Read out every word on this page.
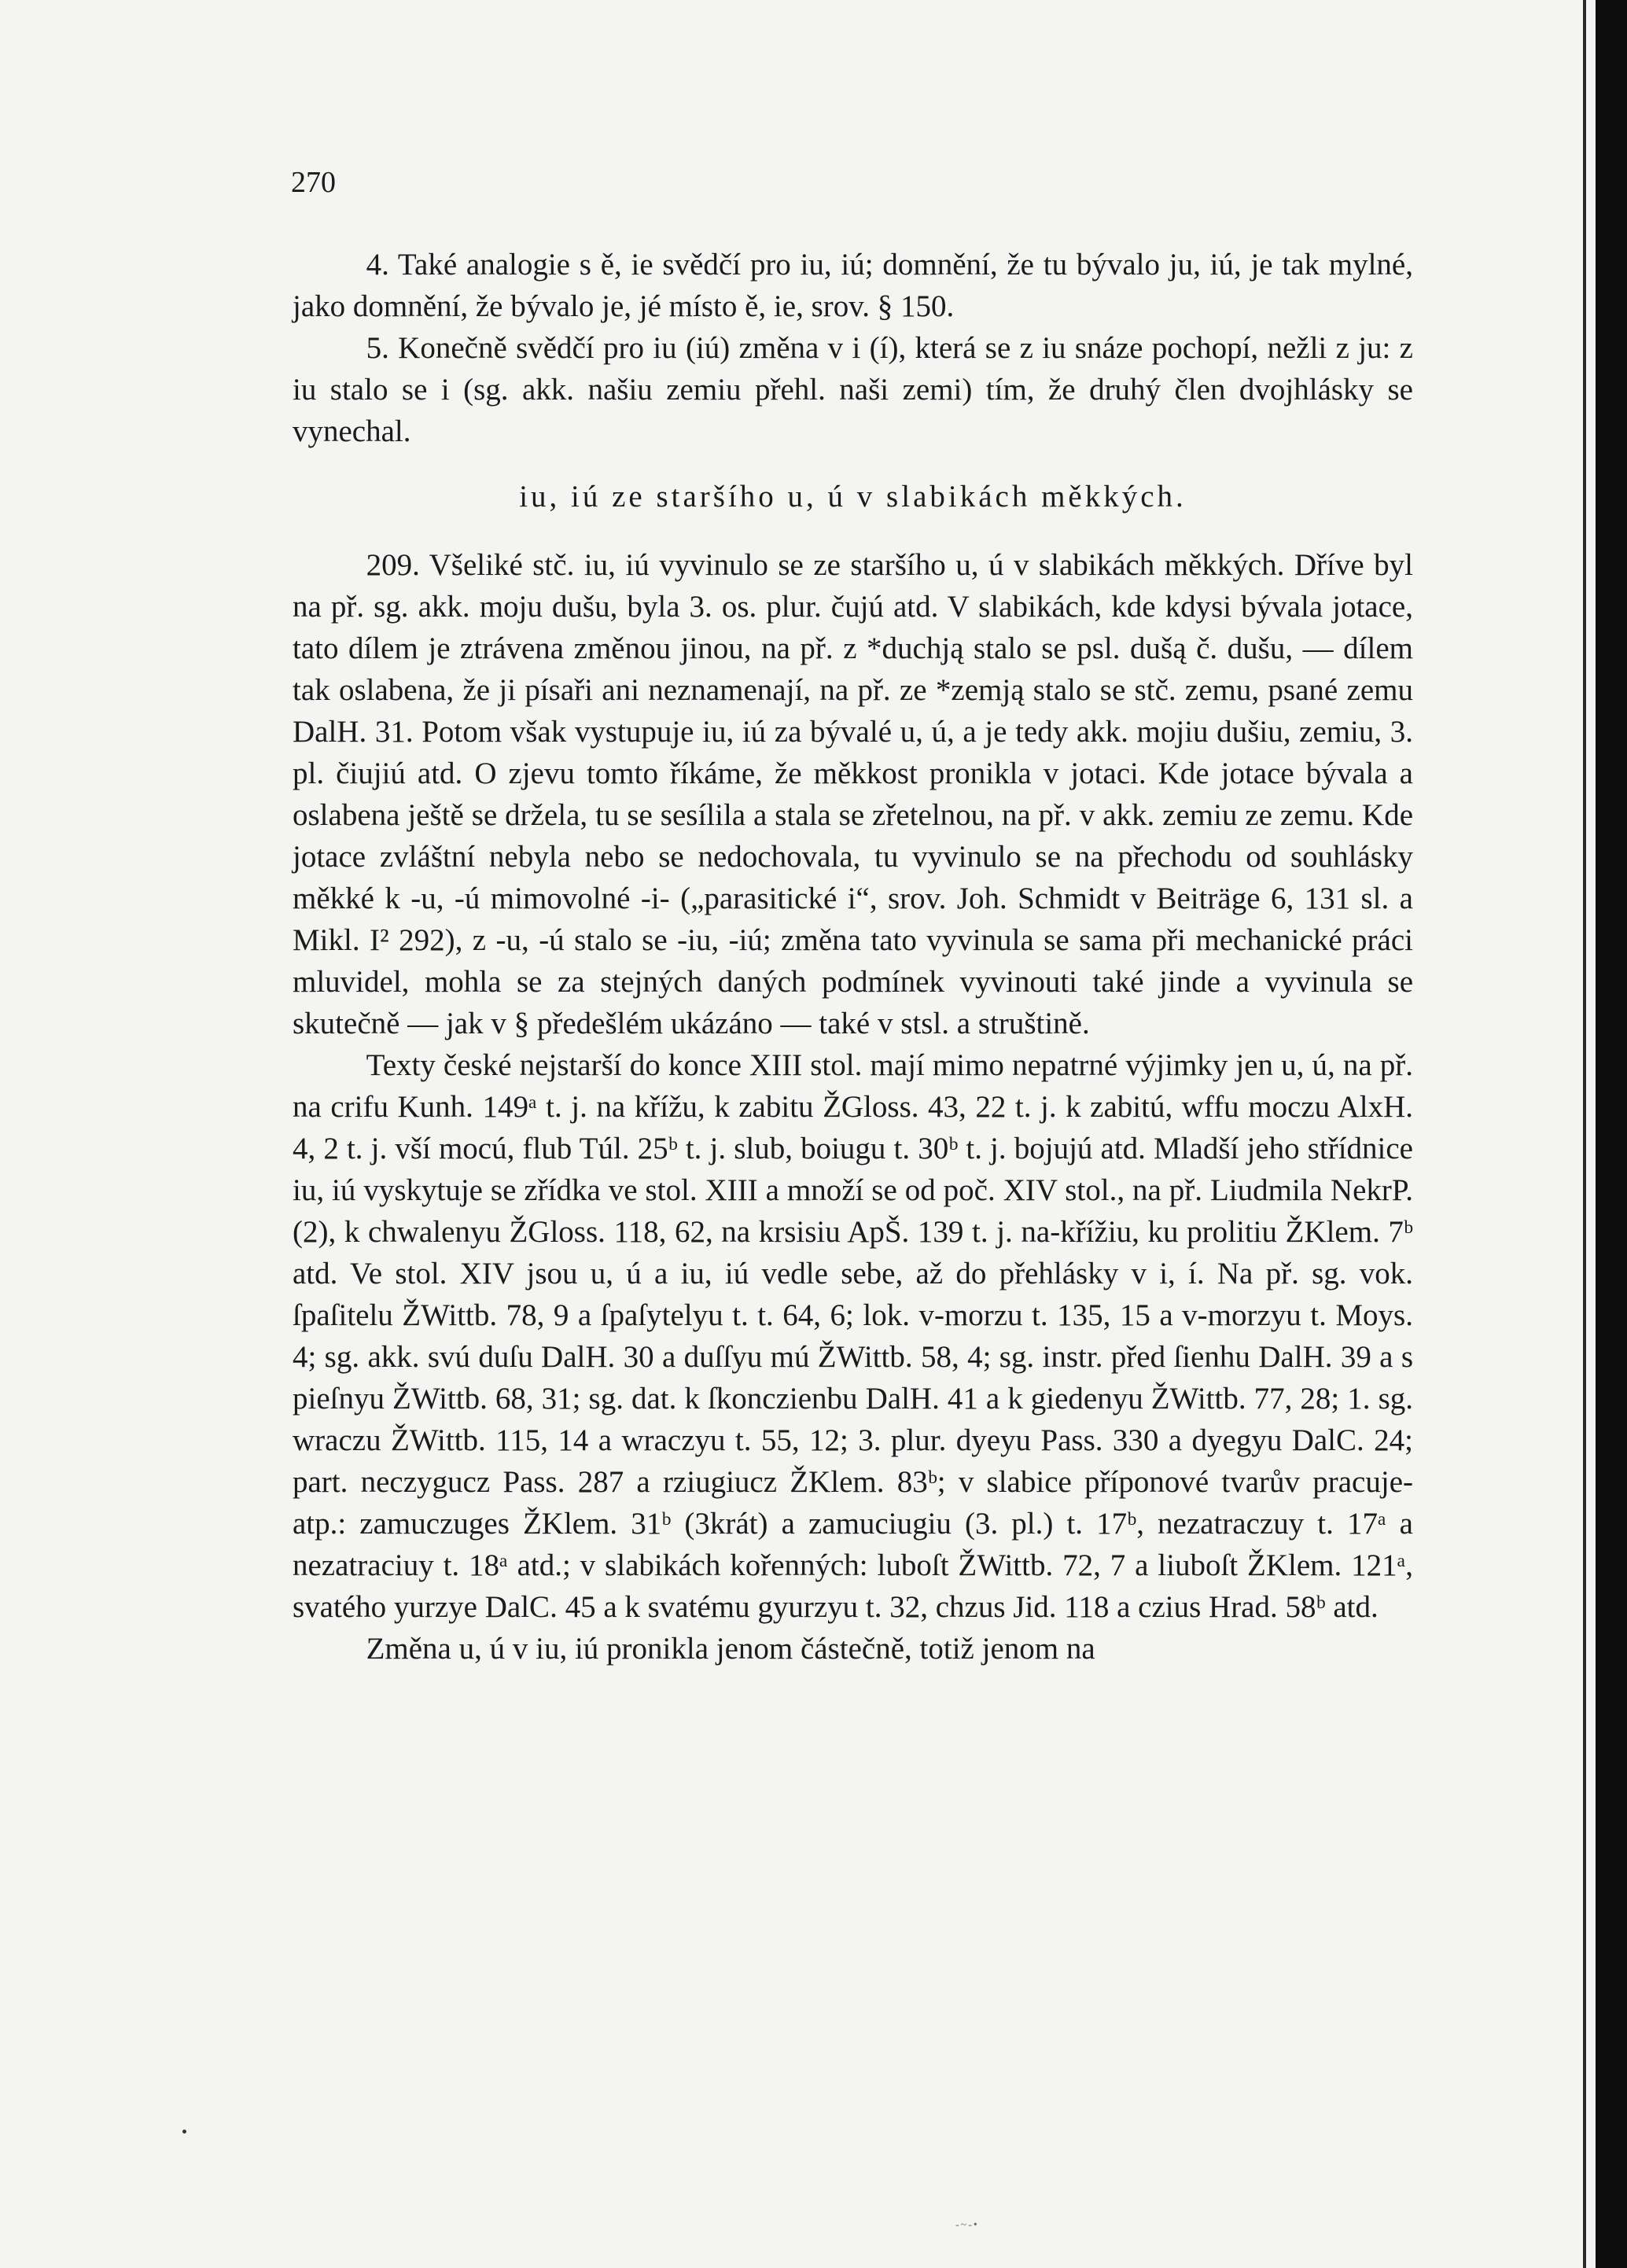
270

4. Také analogie s ě, ie svědčí pro iu, iú; domnění, že tu bývalo ju, iú, je tak mylné, jako domnění, že bývalo je, jé místo ě, ie, srov. § 150.

5. Konečně svědčí pro iu (iú) změna v i (í), která se z iu snáze pochopí, nežli z ju: z iu stalo se i (sg. akk. našiu zemiu přehl. naši zemi) tím, že druhý člen dvojhlásky se vynechal.

iu, iú ze staršího u, ú v slabikách měkkých.

209. Všeliké stč. iu, iú vyvinulo se ze staršího u, ú v slabikách měkkých. Dříve byl na př. sg. akk. moju dušu, byla 3. os. plur. čujú atd. V slabikách, kde kdysi bývala jotace, tato dílem je ztrávena změnou jinou, na př. z *duchją stalo se psl. dušą č. dušu, — dílem tak oslabena, že ji písaři ani neznamenají, na př. ze *zemją stalo se stč. zemu, psané zemu DalH. 31. Potom však vystupuje iu, iú za bývalé u, ú, a je tedy akk. mojiu dušiu, zemiu, 3. pl. čiujiú atd. O zjevu tomto říkáme, že měkkost pronikla v jotaci. Kde jotace bývala a oslabena ještě se držela, tu se sesílila a stala se zřetelnou, na př. v akk. zemiu ze zemu. Kde jotace zvláštní nebyla nebo se nedochovala, tu vyvinulo se na přechodu od souhlásky měkké k -u, -ú mimovolné -i- („parasitické i“, srov. Joh. Schmidt v Beiträge 6, 131 sl. a Mikl. I² 292), z -u, -ú stalo se -iu, -iú; změna tato vyvinula se sama při mechanické práci mluvidel, mohla se za stejných daných podmínek vyvinouti také jinde a vyvinula se skutečně — jak v § předešlém ukázáno — také v stsl. a struštině.

Texty české nejstarší do konce XIII stol. mají mimo nepatrné výjimky jen u, ú, na př. na crifu Kunh. 149ᵃ t. j. na křížu, k zabitu ŽGloss. 43, 22 t. j. k zabitú, wffu moczu AlxH. 4, 2 t. j. vší mocú, flub Túl. 25ᵇ t. j. slub, boiugu t. 30ᵇ t. j. bojujú atd. Mladší jeho střídnice iu, iú vyskytuje se zřídka ve stol. XIII a množí se od poč. XIV stol., na př. Liudmila NekrP. (2), k chwalenyu ŽGloss. 118, 62, na krsisiu ApŠ. 139 t. j. na-křížiu, ku prolitiu ŽKlem. 7ᵇ atd. Ve stol. XIV jsou u, ú a iu, iú vedle sebe, až do přehlásky v i, í. Na př. sg. vok. ſpaſitelu ŽWittb. 78, 9 a ſpaſytelyu t. t. 64, 6; lok. v-morzu t. 135, 15 a v-morzyu t. Moys. 4; sg. akk. svú duſu DalH. 30 a duſſyu mú ŽWittb. 58, 4; sg. instr. před ſienhu DalH. 39 a s pieſnyu ŽWittb. 68, 31; sg. dat. k ſkonczienbu DalH. 41 a k giedenyu ŽWittb. 77, 28; 1. sg. wraczu ŽWittb. 115, 14 a wraczyu t. 55, 12; 3. plur. dyeyu Pass. 330 a dyegyu DalC. 24; part. neczygucz Pass. 287 a rziugiucz ŽKlem. 83ᵇ; v slabice příponové tvarův pracuje- atp.: zamuczuges ŽKlem. 31ᵇ (3krát) a zamuciugiu (3. pl.) t. 17ᵇ, nezatraczuy t. 17ᵃ a nezatraciuy t. 18ᵃ atd.; v slabikách kořenných: luboſt ŽWittb. 72, 7 a liuboſt ŽKlem. 121ᵃ, svatého yurzye DalC. 45 a k svatému gyurzyu t. 32, chzus Jid. 118 a czius Hrad. 58ᵇ atd.

Změna u, ú v iu, iú pronikla jenom částečně, totiž jenom na

-~-•
